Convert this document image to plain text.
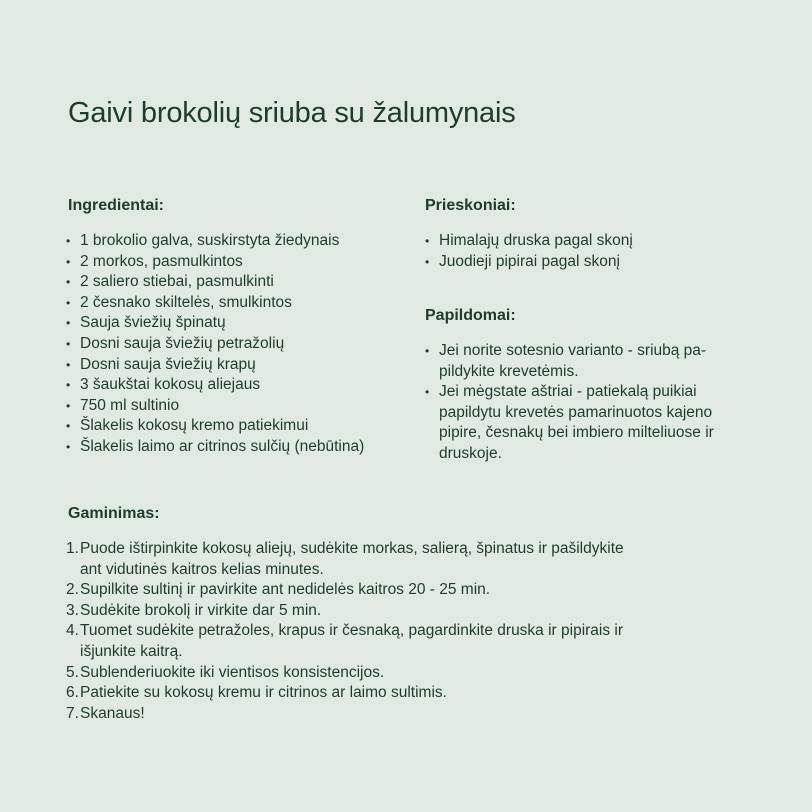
Gaivi brokolių sriuba su žalumynais
Ingredientai:
• 1 brokolio galva, suskirstyta žiedynais
• 2 morkos, pasmulkintos
• 2 saliero stiebai, pasmulkinti
• 2 česnako skiltelės, smulkintos
• Sauja šviežių špinatų
• Dosni sauja šviežių petražolių
• Dosni sauja šviežių krapų
• 3 šaukštai kokosų aliejaus
• 750 ml sultinio
• Šlakelis kokosų kremo patiekimui
• Šlakelis laimo ar citrinos sulčių (nebūtina)
Prieskoniai:
• Himalajų druska pagal skonį
• Juodieji pipirai pagal skonį
Papildomai:
• Jei norite sotesnio varianto - sriubą pa-
pildykite krevetėmis.
• Jei mėgstate aštriai - patiekalą puikiai
papildytu krevetės pamarinuotos kajeno
pipire, česnakų bei imbiero milteliuose ir
druskoje.
Gaminimas:
1. Puode ištirpinkite kokosų aliejų, sudėkite morkas, salierą, špinatus ir pašildykite
ant vidutinės kaitros kelias minutes.
2. Supilkite sultinį ir pavirkite ant nedidelės kaitros 20 - 25 min.
3. Sudėkite brokolį ir virkite dar 5 min.
4. Tuomet sudėkite petražoles, krapus ir česnaką, pagardinkite druska ir pipirais ir
išjunkite kaitrą.
5. Sublenderiuokite iki vientisos konsistencijos.
6. Patiekite su kokosų kremu ir citrinos ar laimo sultimis.
7. Skanaus!
